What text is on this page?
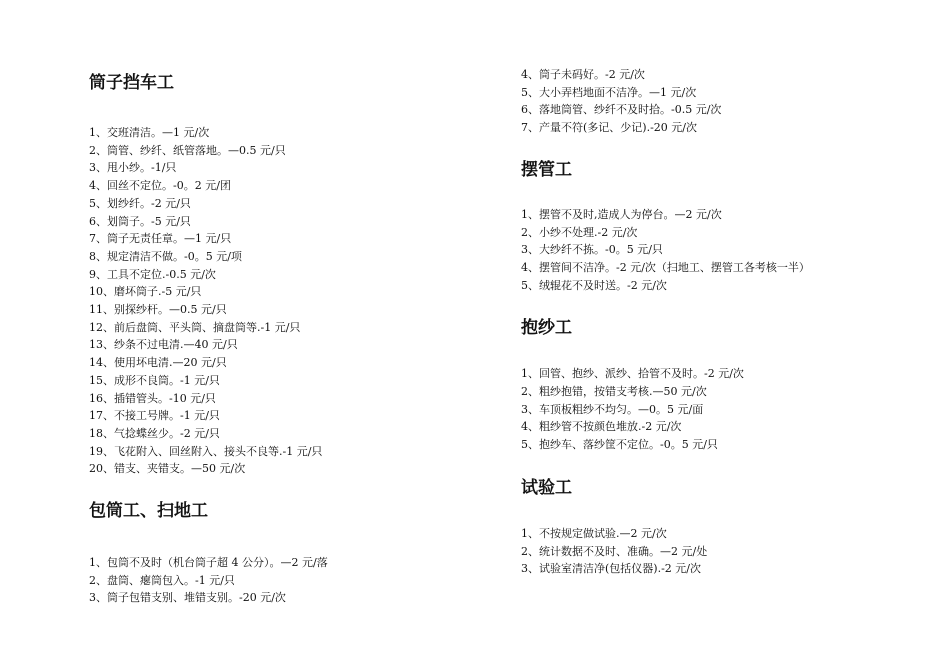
筒子挡车工
1、交班清洁。—1 元/次
2、筒管、纱纤、纸管落地。—0.5 元/只
3、甩小纱。-1/只
4、回丝不定位。-0。2 元/团
5、划纱纤。-2 元/只
6、划筒子。-5 元/只
7、筒子无责任章。—1 元/只
8、规定清洁不做。-0。5 元/项
9、工具不定位.-0.5 元/次
10、磨坏筒子.-5 元/只
11、别探纱杆。—0.5 元/只
12、前后盘筒、平头筒、摘盘筒等.-1 元/只
13、纱条不过电清.—40 元/只
14、使用坏电清.—20 元/只
15、成形不良筒。-1 元/只
16、插错管头。-10 元/只
17、不接工号牌。-1 元/只
18、气捻蝶丝少。-2 元/只
19、飞花附入、回丝附入、接头不良等.-1 元/只
20、错支、夹错支。—50 元/次
包筒工、扫地工
1、包筒不及时（机台筒子超 4 公分）。—2 元/落
2、盘筒、瘪筒包入。-1 元/只
3、筒子包错支别、堆错支别。-20 元/次
4、筒子未码好。-2 元/次
5、大小弄档地面不洁净。—1 元/次
6、落地筒管、纱纤不及时拾。-0.5 元/次
7、产量不符(多记、少记).-20 元/次
摆管工
1、摆管不及时,造成人为停台。—2 元/次
2、小纱不处理.-2 元/次
3、大纱纤不拣。-0。5 元/只
4、摆管间不洁净。-2 元/次（扫地工、摆管工各考核一半）
5、绒辊花不及时送。-2 元/次
抱纱工
1、回管、抱纱、派纱、拾管不及时。-2 元/次
2、粗纱抱错，按错支考核.—50 元/次
3、车顶板粗纱不均匀。—0。5 元/面
4、粗纱管不按颜色堆放.-2 元/次
5、抱纱车、落纱筐不定位。-0。5 元/只
试验工
1、不按规定做试验.—2 元/次
2、统计数据不及时、准确。—2 元/处
3、试验室清洁净(包括仪器).-2 元/次
